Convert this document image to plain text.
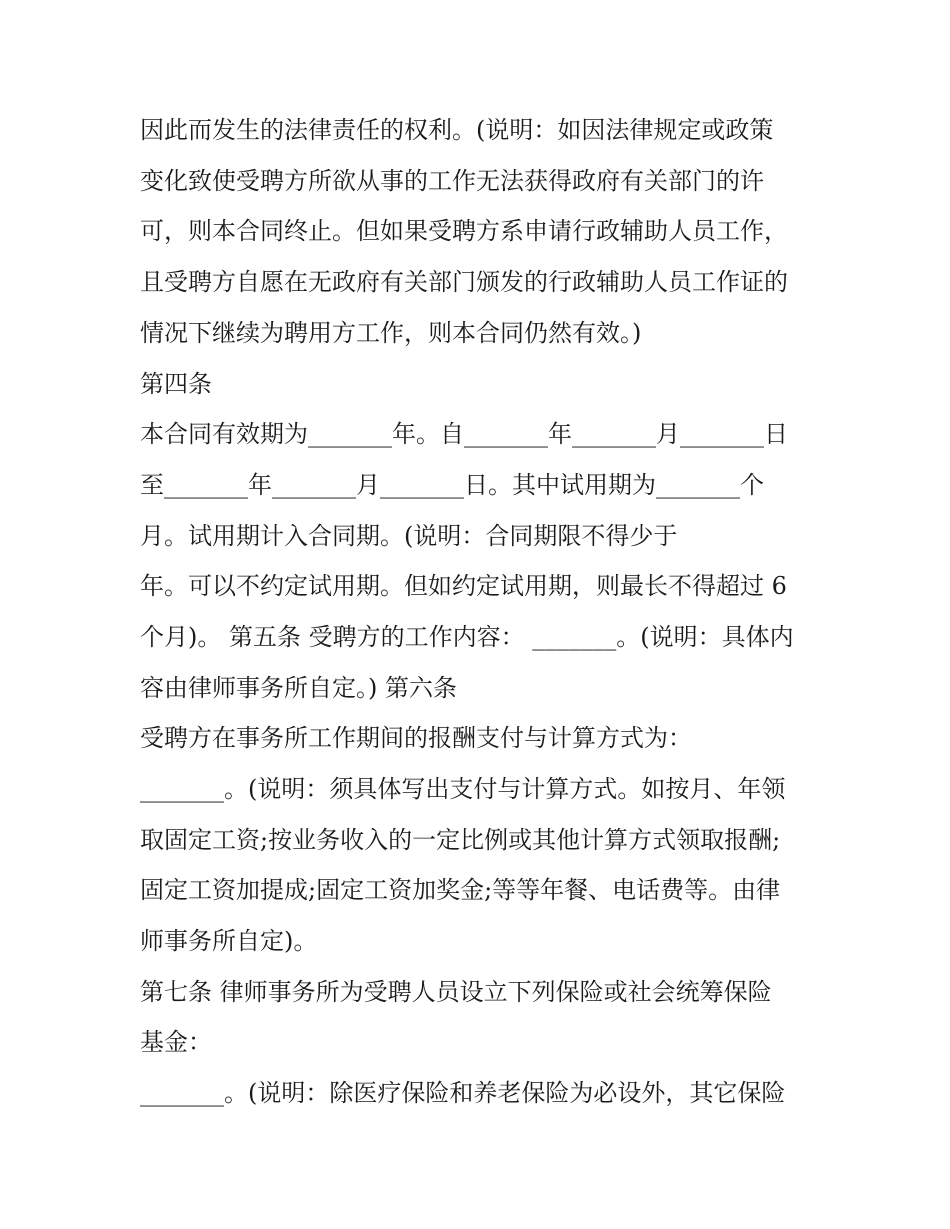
因此而发生的法律责任的权利。(说明：如因法律规定或政策
变化致使受聘方所欲从事的工作无法获得政府有关部门的许
可，则本合同终止。但如果受聘方系申请行政辅助人员工作，
且受聘方自愿在无政府有关部门颁发的行政辅助人员工作证的
情况下继续为聘用方工作，则本合同仍然有效。)
第四条
本合同有效期为_______年。自_______年_______月_______日
至_______年_______月_______日。其中试用期为_______个
月。试用期计入合同期。(说明：合同期限不得少于
年。可以不约定试用期。但如约定试用期，则最长不得超过 6
个月)。 第五条 受聘方的工作内容： _______。(说明：具体内
容由律师事务所自定。) 第六条
受聘方在事务所工作期间的报酬支付与计算方式为：
_______。(说明：须具体写出支付与计算方式。如按月、年领
取固定工资;按业务收入的一定比例或其他计算方式领取报酬;
固定工资加提成;固定工资加奖金;等等年餐、电话费等。由律
师事务所自定)。
第七条 律师事务所为受聘人员设立下列保险或社会统筹保险
基金：
_______。(说明：除医疗保险和养老保险为必设外，其它保险
